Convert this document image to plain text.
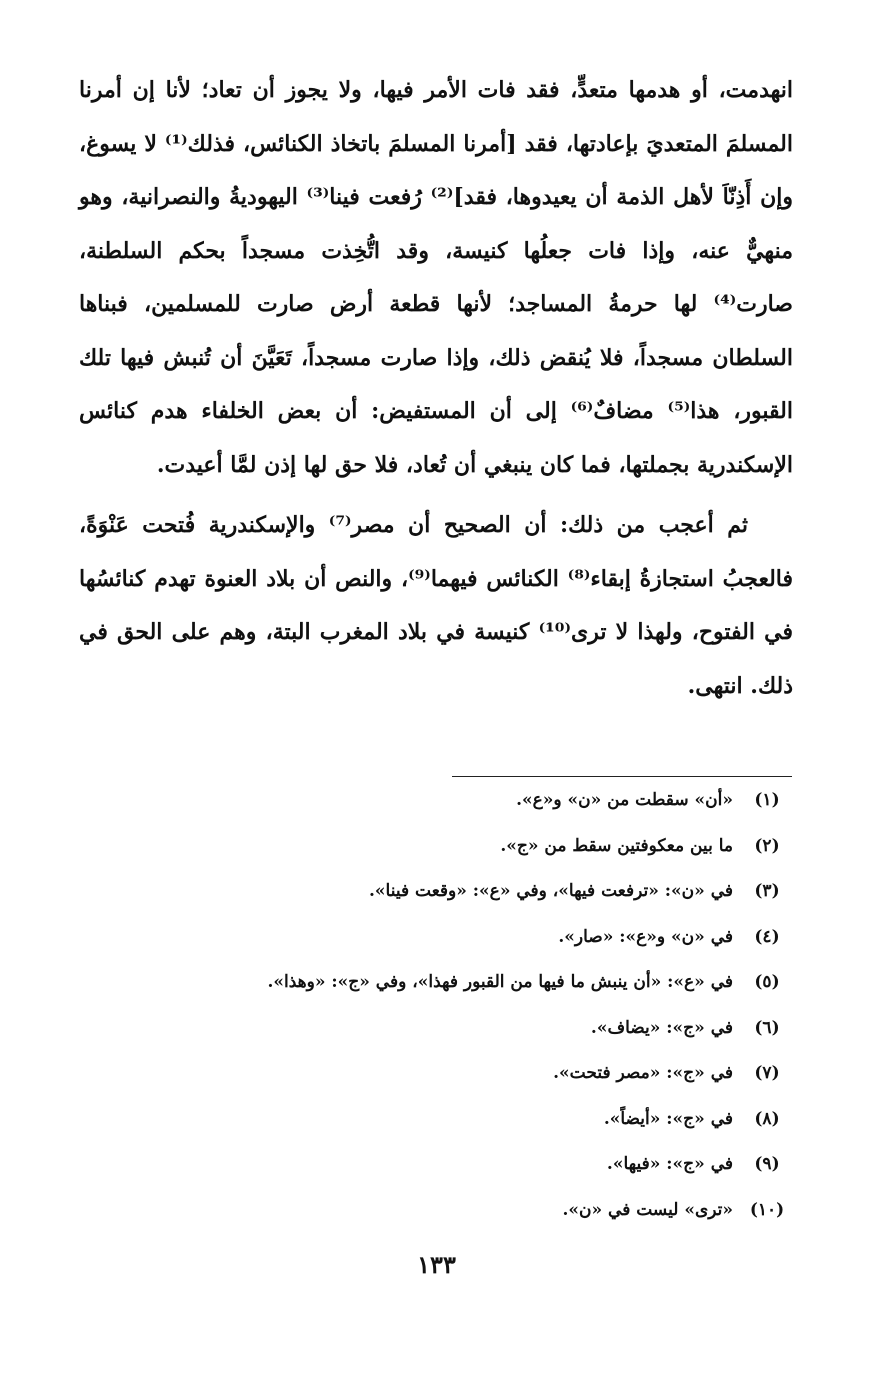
انهدمت، أو هدمها متعدٍّ، فقد فات الأمر فيها، ولا يجوز أن تعاد؛ لأنا إن أمرنا المسلمَ المتعديَ بإعادتها، فقد [أمرنا المسلمَ باتخاذ الكنائس، فذلك⁽¹⁾ لا يسوغ، وإن أَذِنّاَ لأهل الذمة أن يعيدوها، فقد]⁽²⁾ رُفعت فينا⁽³⁾ اليهوديةُ والنصرانية، وهو منهيٌّ عنه، وإذا فات جعلُها كنيسة، وقد اتُّخِذت مسجداً بحكم السلطنة، صارت⁽⁴⁾ لها حرمةُ المساجد؛ لأنها قطعة أرض صارت للمسلمين، فبناها السلطان مسجداً، فلا يُنقض ذلك، وإذا صارت مسجداً، تَعَيَّنَ أن تُنبش فيها تلك القبور، هذا⁽⁵⁾ مضافٌ⁽⁶⁾ إلى أن المستفيض: أن بعض الخلفاء هدم كنائس الإسكندرية بجملتها، فما كان ينبغي أن تُعاد، فلا حق لها إذن لمَّا أعيدت.

ثم أعجب من ذلك: أن الصحيح أن مصر⁽⁷⁾ والإسكندرية فُتحت عَنْوَةً، فالعجبُ استجازةُ إبقاء⁽⁸⁾ الكنائس فيهما⁽⁹⁾، والنص أن بلاد العنوة تهدم كنائسُها في الفتوح، ولهذا لا ترى⁽¹⁰⁾ كنيسة في بلاد المغرب البتة، وهم على الحق في ذلك. انتهى.

(١)
«أن» سقطت من «ن» و«ع».
(٢)
ما بين معكوفتين سقط من «ج».
(٣)
في «ن»: «ترفعت فيها»، وفي «ع»: «وقعت فينا».
(٤)
في «ن» و«ع»: «صار».
(٥)
في «ع»: «أن ينبش ما فيها من القبور فهذا»، وفي «ج»: «وهذا».
(٦)
في «ج»: «يضاف».
(٧)
في «ج»: «مصر فتحت».
(٨)
في «ج»: «أيضاً».
(٩)
في «ج»: «فيها».
(١٠)
«ترى» ليست في «ن».
١٣٣
